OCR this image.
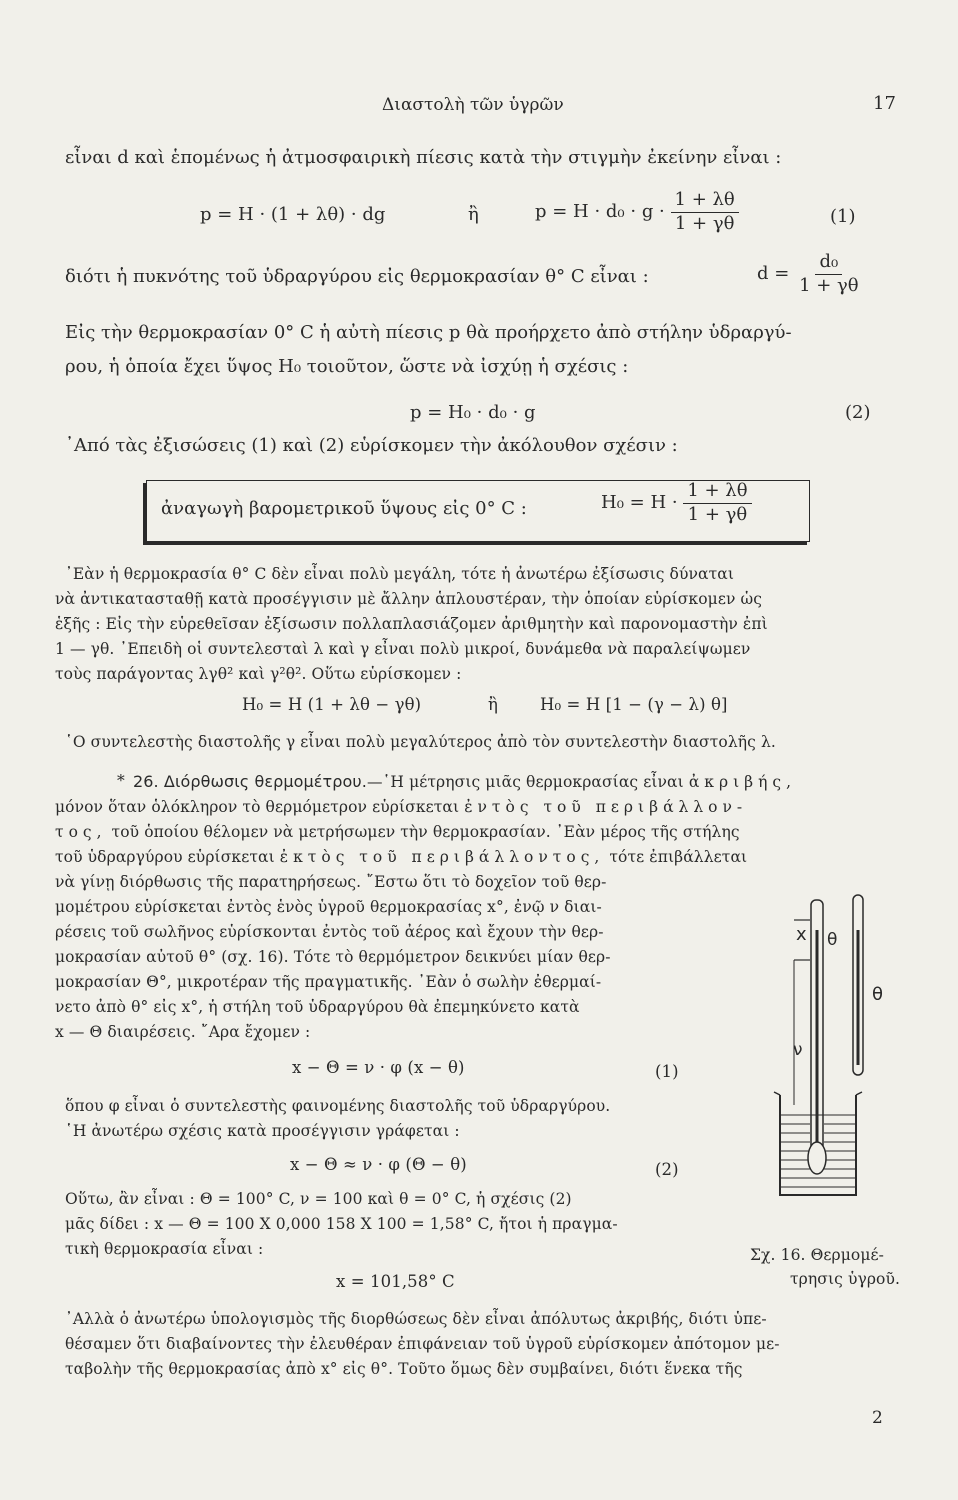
Διαστολὴ τῶν ὑγρῶν	17
εἶναι d καὶ ἑπομένως ἡ ἀτμοσφαιρικὴ πίεσις κατὰ τὴν στιγμὴν ἐκείνην εἶναι :
p = H · (1 + λθ) · dg	ἢ	$p = H \cdot d_0 \cdot g \cdot \frac{1 + \lambda\theta}{1 + \gamma\theta}$	(1)
διότι ἡ πυκνότης τοῦ ὑδραργύρου εἰς θερμοκρασίαν θ° C εἶναι :	$d = \frac{\text{d₀}}{1 + \gamma\theta}$
Εἰς τὴν θερμοκρασίαν 0° C ἡ αὐτὴ πίεσις p θὰ προήρχετο ἀπὸ στήλην ὑδραργύ-
ρου, ἡ ὁποία ἔχει ὕψος H₀ τοιοῦτον, ὥστε νὰ ἰσχύῃ ἡ σχέσις :
p = H₀ · d₀ · g	(2)
᾿Από τὰς ἐξισώσεις (1) καὶ (2) εὑρίσκομεν τὴν ἀκόλουθον σχέσιν :
ἀναγωγὴ βαρομετρικοῦ ὕψους εἰς 0° C :	$H_0 = H \cdot \frac{1 + \lambda\theta}{1 + \gamma\theta}$
᾿Εὰν ἡ θερμοκρασία θ° C δὲν εἶναι πολὺ μεγάλη, τότε ἡ ἀνωτέρω ἐξίσωσις δύναται
νὰ ἀντικατασταθῇ κατὰ προσέγγισιν μὲ ἄλλην ἁπλουστέραν, τὴν ὁποίαν εὑρίσκομεν ὡς
ἑξῆς : Εἰς τὴν εὑρεθεῖσαν ἐξίσωσιν πολλαπλασιάζομεν ἀριθμητὴν καὶ παρονομαστὴν ἐπὶ
1 — γθ. ᾿Επειδὴ οἱ συντελεσταὶ λ καὶ γ εἶναι πολὺ μικροί, δυνάμεθα νὰ παραλείψωμεν
τοὺς παράγοντας λγθ² καὶ γ²θ². Οὕτω εὑρίσκομεν :
H₀ = H (1 + λθ − γθ)	ἢ	H₀ = H [1 − (γ − λ) θ]
῾Ο συντελεστὴς διαστολῆς γ εἶναι πολὺ μεγαλύτερος ἀπὸ τὸν συντελεστὴν διαστολῆς λ.
* 26. Διόρθωσις θερμομέτρου.—῾Η μέτρησις μιᾶς θερμοκρασίας εἶναι ἀκριβής,
μόνον ὅταν ὁλόκληρον τὸ θερμόμετρον εὑρίσκεται ἐντὸς τοῦ περιβάλλον-
τος, τοῦ ὁποίου θέλομεν νὰ μετρήσωμεν τὴν θερμοκρασίαν. ᾿Εὰν μέρος τῆς στήλης
τοῦ ὑδραργύρου εὑρίσκεται ἐκτὸς τοῦ περιβάλλοντος, τότε ἐπιβάλλεται
νὰ γίνῃ διόρθωσις τῆς παρατηρήσεως. ῎Εστω ὅτι τὸ δοχεῖον τοῦ θερ-
μομέτρου εὑρίσκεται ἐντὸς ἑνὸς ὑγροῦ θερμοκρασίας x°, ἐνῷ ν διαι-
ρέσεις τοῦ σωλῆνος εὑρίσκονται ἐντὸς τοῦ ἀέρος καὶ ἔχουν τὴν θερ-
μοκρασίαν αὐτοῦ θ° (σχ. 16). Τότε τὸ θερμόμετρον δεικνύει μίαν θερ-
μοκρασίαν Θ°, μικροτέραν τῆς πραγματικῆς. ᾿Εὰν ὁ σωλὴν ἐθερμαί-
νετο ἀπὸ θ° εἰς x°, ἡ στήλη τοῦ ὑδραργύρου θὰ ἐπεμηκύνετο κατὰ
x — Θ διαιρέσεις. ῎Αρα ἔχομεν :
x − Θ = ν · φ (x − θ)	(1)
ὅπου φ εἶναι ὁ συντελεστὴς φαινομένης διαστολῆς τοῦ ὑδραργύρου.
῾Η ἀνωτέρω σχέσις κατὰ προσέγγισιν γράφεται :
x − Θ ≈ ν · φ (Θ − θ)	(2)
Οὕτω, ἂν εἶναι : Θ = 100° C, ν = 100 καὶ θ = 0° C, ἡ σχέσις (2)
μᾶς δίδει : x — Θ = 100 X 0,000 158 X 100 = 1,58° C, ἤτοι ἡ πραγμα-
τικὴ θερμοκρασία εἶναι :
x = 101,58° C
᾿Αλλὰ ὁ ἀνωτέρω ὑπολογισμὸς τῆς διορθώσεως δὲν εἶναι ἀπόλυτως ἀκριβής, διότι ὑπε-
θέσαμεν ὅτι διαβαίνοντες τὴν ἐλευθέραν ἐπιφάνειαν τοῦ ὑγροῦ εὑρίσκομεν ἀπότομον με-
ταβολὴν τῆς θερμοκρασίας ἀπὸ x° εἰς θ°. Τοῦτο ὅμως δὲν συμβαίνει, διότι ἕνεκα τῆς
x θ
θ
ν
Σχ. 16. Θερμομέ-
τρησις ὑγροῦ.
2
